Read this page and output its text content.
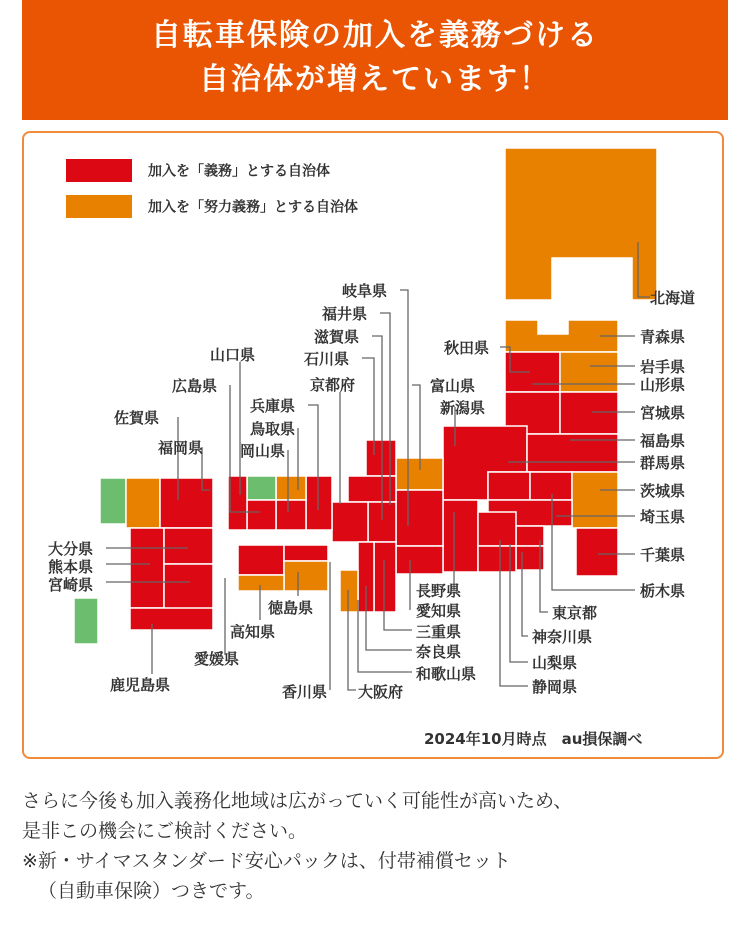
自転車保険の加入を義務づける
自治体が増えています！
加入を「義務」とする自治体
加入を「努力義務」とする自治体
北海道
青森県
岩手県
山形県
宮城県
福島県
群馬県
茨城県
埼玉県
千葉県
栃木県
秋田県
富山県
新潟県
岐阜県
福井県
滋賀県
石川県
京都府
兵庫県
鳥取県
岡山県
山口県
広島県
佐賀県
福岡県
大分県
熊本県
宮崎県
鹿児島県
愛媛県
高知県
徳島県
香川県 大阪府
和歌山県
奈良県
三重県
愛知県
長野県
東京都
神奈川県
山梨県
静岡県
2024年10月時点　au損保調べ

さらに今後も加入義務化地域は広がっていく可能性が高いため、

是非この機会にご検討ください。

※新・サイマスタンダード安心パックは、付帯補償セット

（自動車保険）つきです。
